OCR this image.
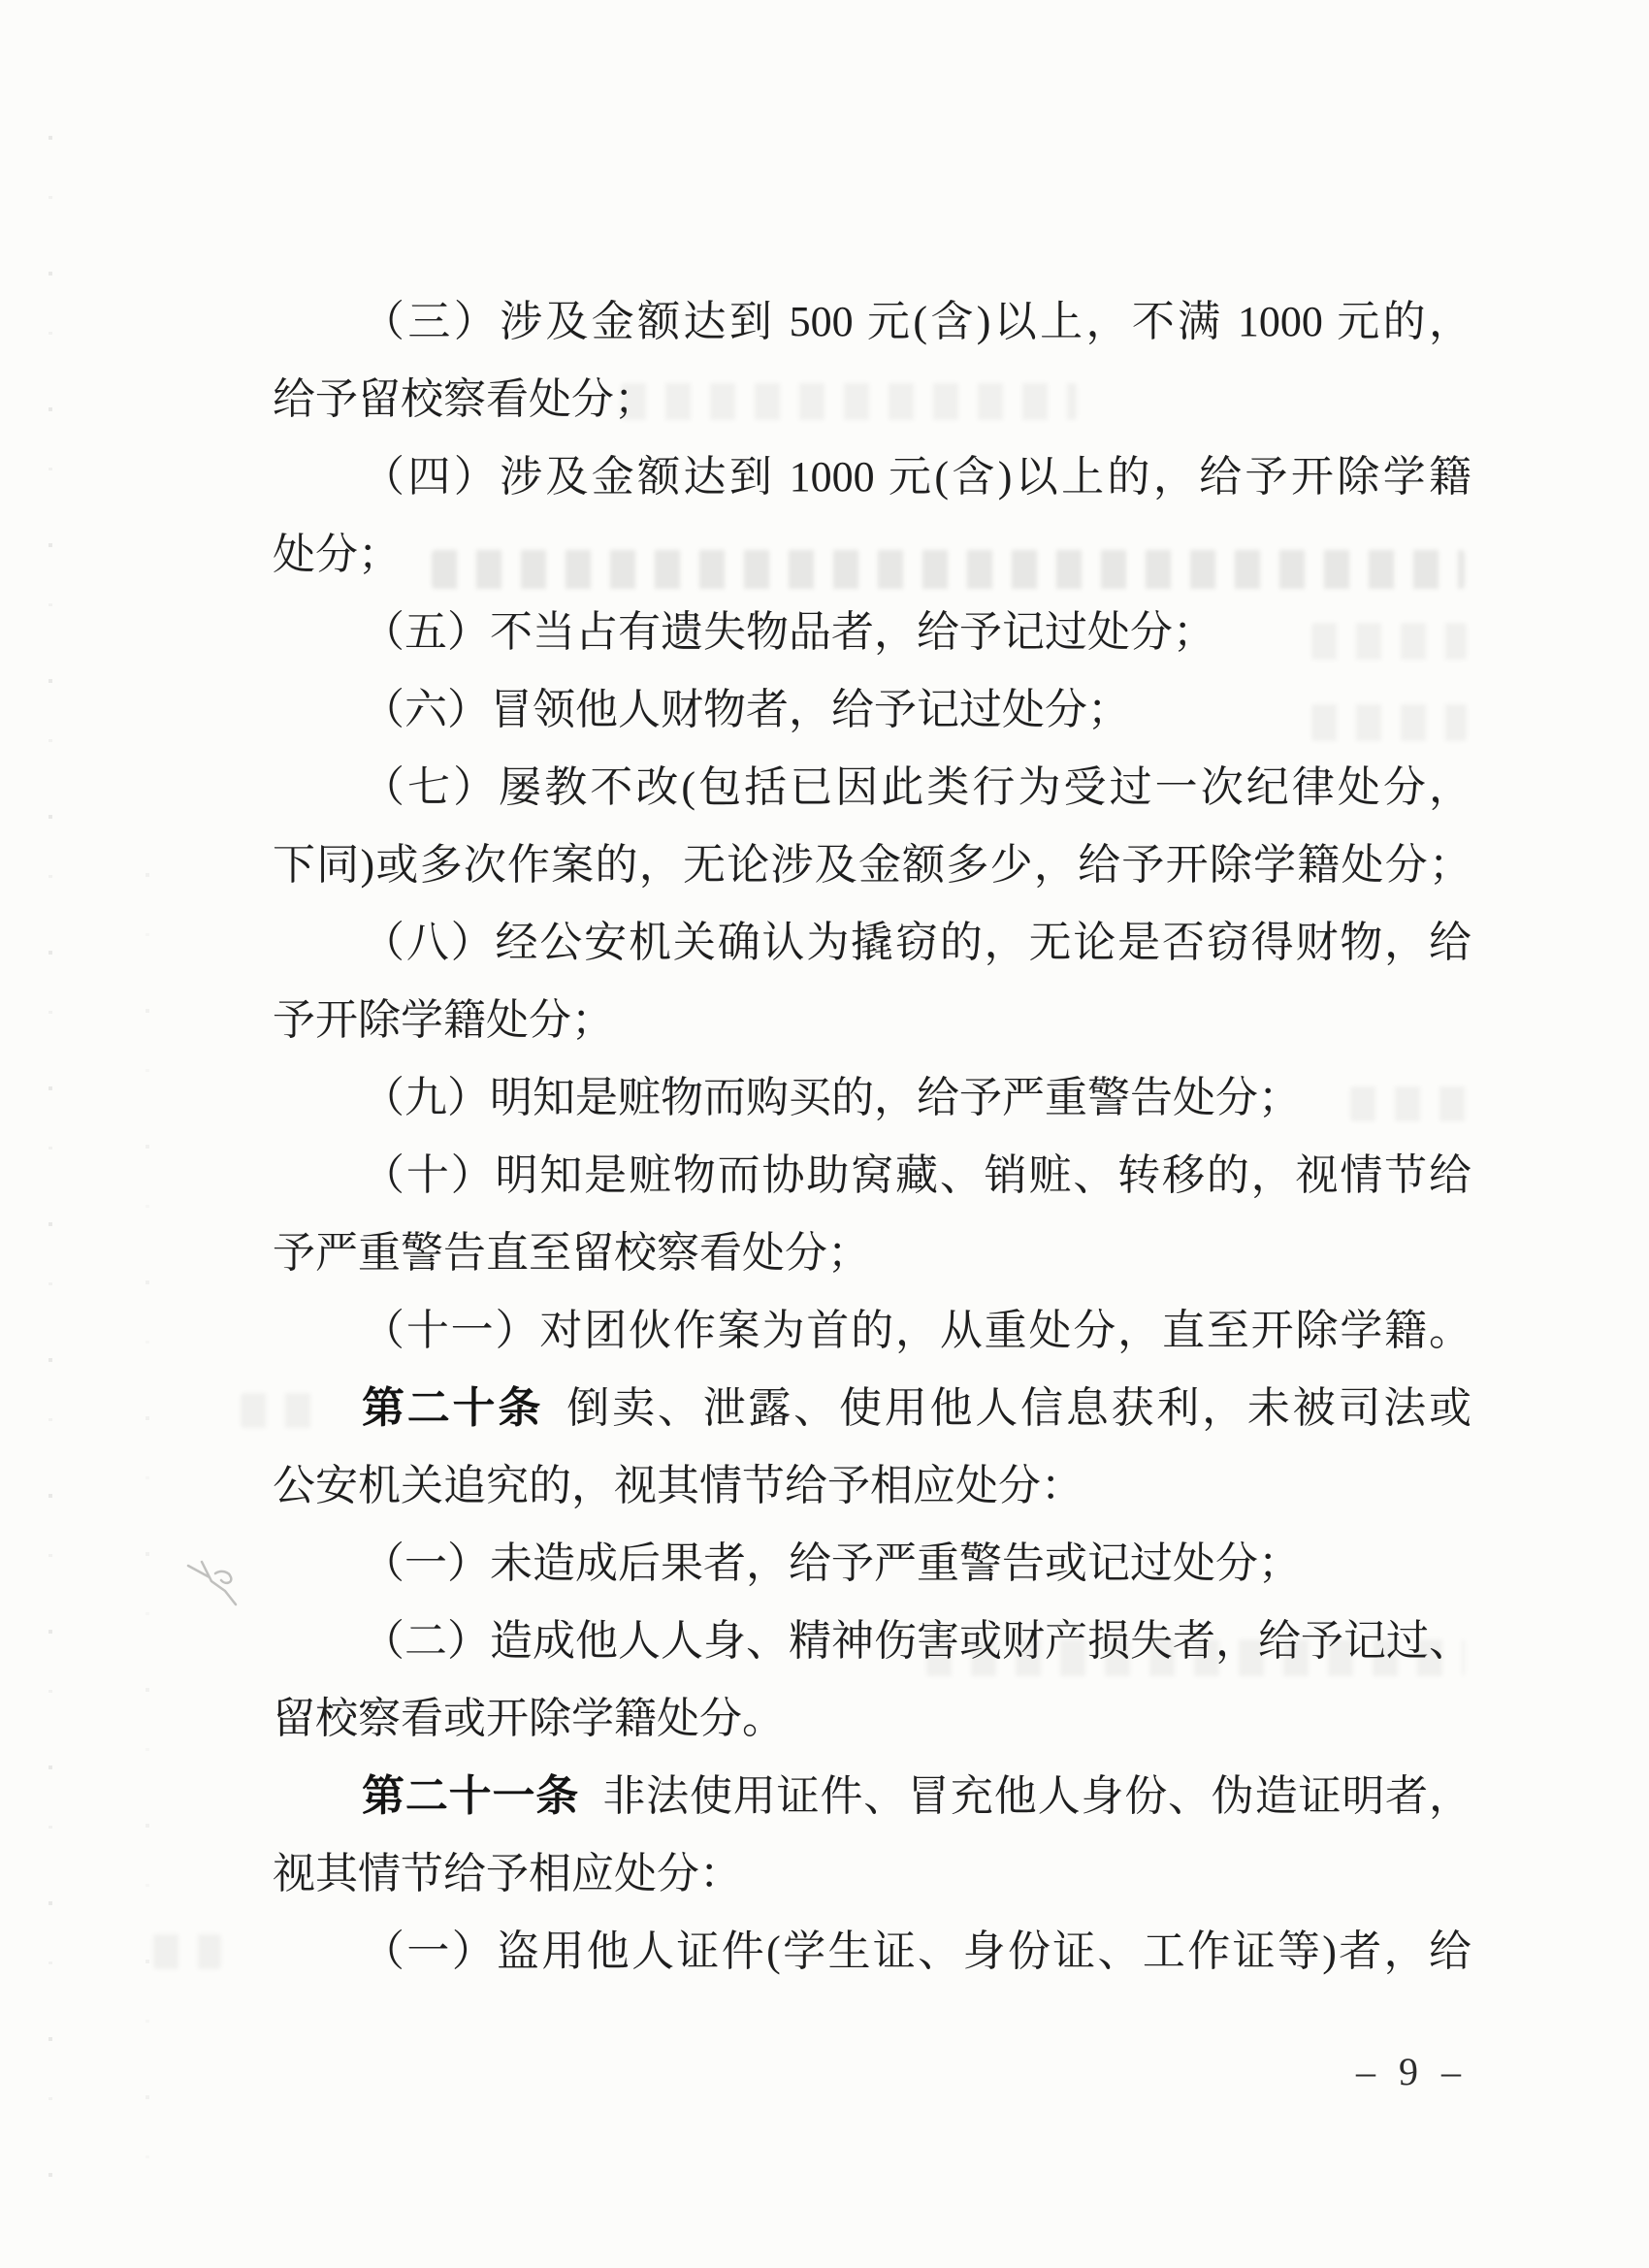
（三）涉及金额达到 500 元(含)以上，不满 1000 元的，
给予留校察看处分；
（四）涉及金额达到 1000 元(含)以上的，给予开除学籍
处分；
（五）不当占有遗失物品者，给予记过处分；
（六）冒领他人财物者，给予记过处分；
（七）屡教不改(包括已因此类行为受过一次纪律处分，
下同)或多次作案的，无论涉及金额多少，给予开除学籍处分；
（八）经公安机关确认为撬窃的，无论是否窃得财物，给
予开除学籍处分；
（九）明知是赃物而购买的，给予严重警告处分；
（十）明知是赃物而协助窝藏、销赃、转移的，视情节给
予严重警告直至留校察看处分；
（十一）对团伙作案为首的，从重处分，直至开除学籍。
第二十条 倒卖、泄露、使用他人信息获利，未被司法或
公安机关追究的，视其情节给予相应处分：
（一）未造成后果者，给予严重警告或记过处分；
（二）造成他人人身、精神伤害或财产损失者，给予记过、
留校察看或开除学籍处分。
第二十一条 非法使用证件、冒充他人身份、伪造证明者，
视其情节给予相应处分：
（一）盗用他人证件(学生证、身份证、工作证等)者，给
– 9 –
